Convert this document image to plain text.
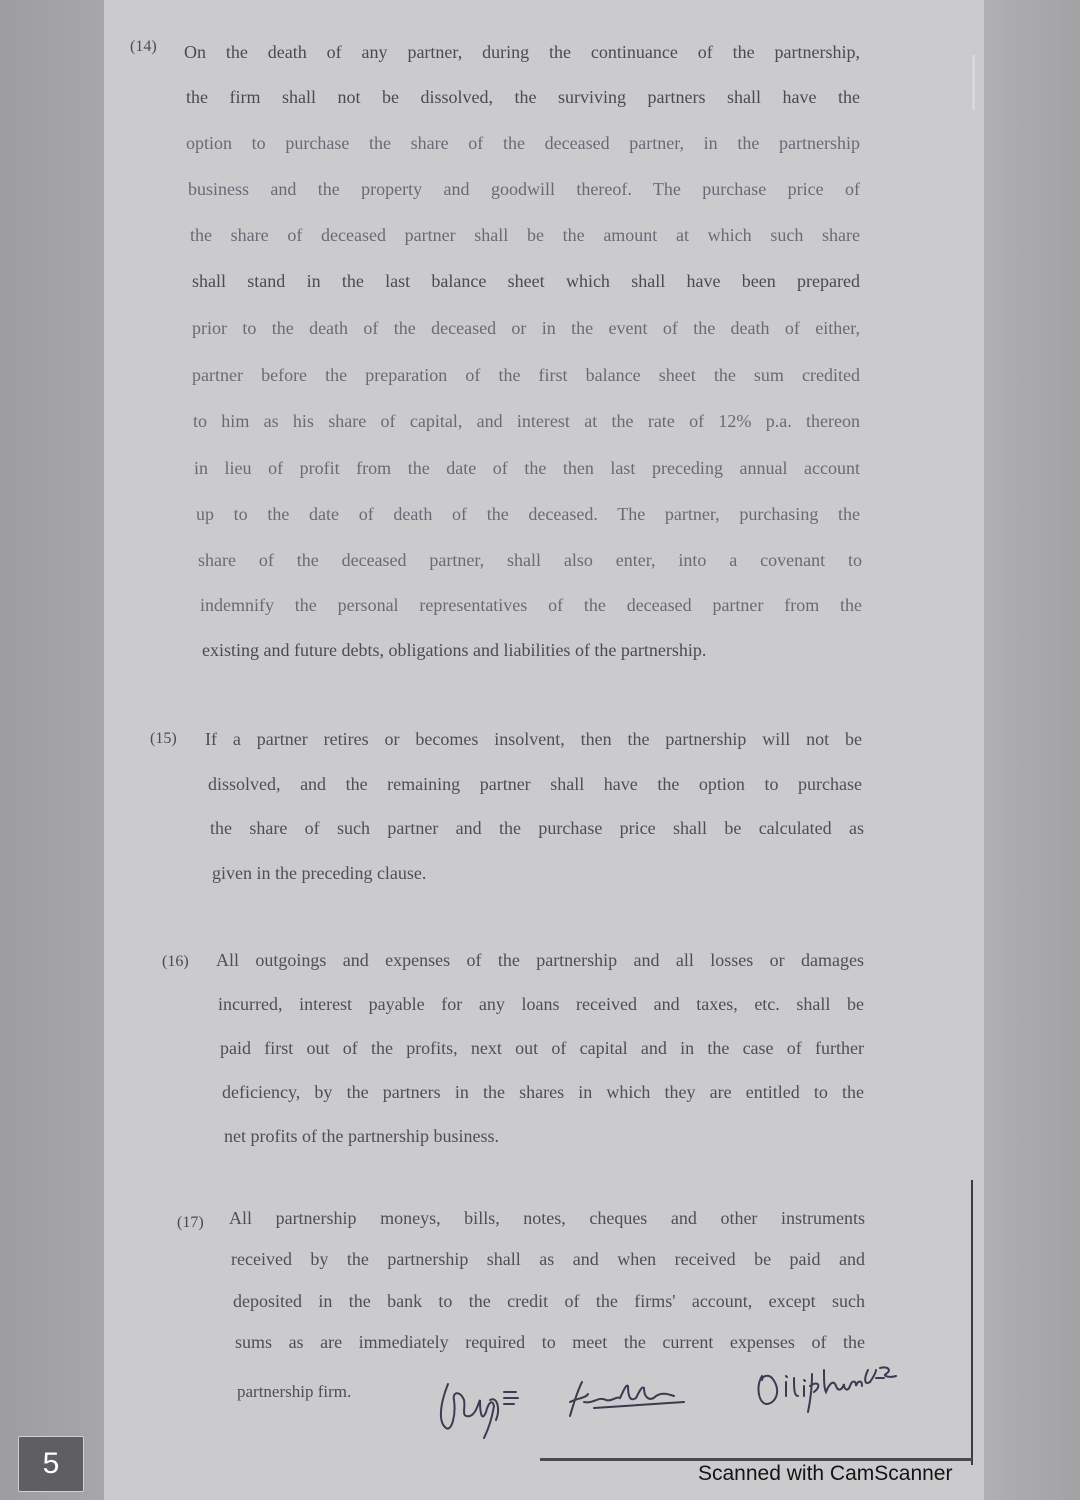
(14) On the death of any partner, during the continuance of the partnership,
the firm shall not be dissolved, the surviving partners shall have the
option to purchase the share of the deceased partner, in the partnership
business and the property and goodwill thereof. The purchase price of
the share of deceased partner shall be the amount at which such share
shall stand in the last balance sheet which shall have been prepared
prior to the death of the deceased or in the event of the death of either,
partner before the preparation of the first balance sheet the sum credited
to him as his share of capital, and interest at the rate of 12% p.a. thereon
in lieu of profit from the date of the then last preceding annual account
up to the date of death of the deceased. The partner, purchasing the
share of the deceased partner, shall also enter, into a covenant to
indemnify the personal representatives of the deceased partner from the
existing and future debts, obligations and liabilities of the partnership.
(15) If a partner retires or becomes insolvent, then the partnership will not be
dissolved, and the remaining partner shall have the option to purchase
the share of such partner and the purchase price shall be calculated as
given in the preceding clause.
(16) All outgoings and expenses of the partnership and all losses or damages
incurred, interest payable for any loans received and taxes, etc. shall be
paid first out of the profits, next out of capital and in the case of further
deficiency, by the partners in the shares in which they are entitled to the
net profits of the partnership business.
(17) All partnership moneys, bills, notes, cheques and other instruments
received by the partnership shall as and when received be paid and
deposited in the bank to the credit of the firms' account, except such
sums as are immediately required to meet the current expenses of the
partnership firm.
5	Scanned with CamScanner
